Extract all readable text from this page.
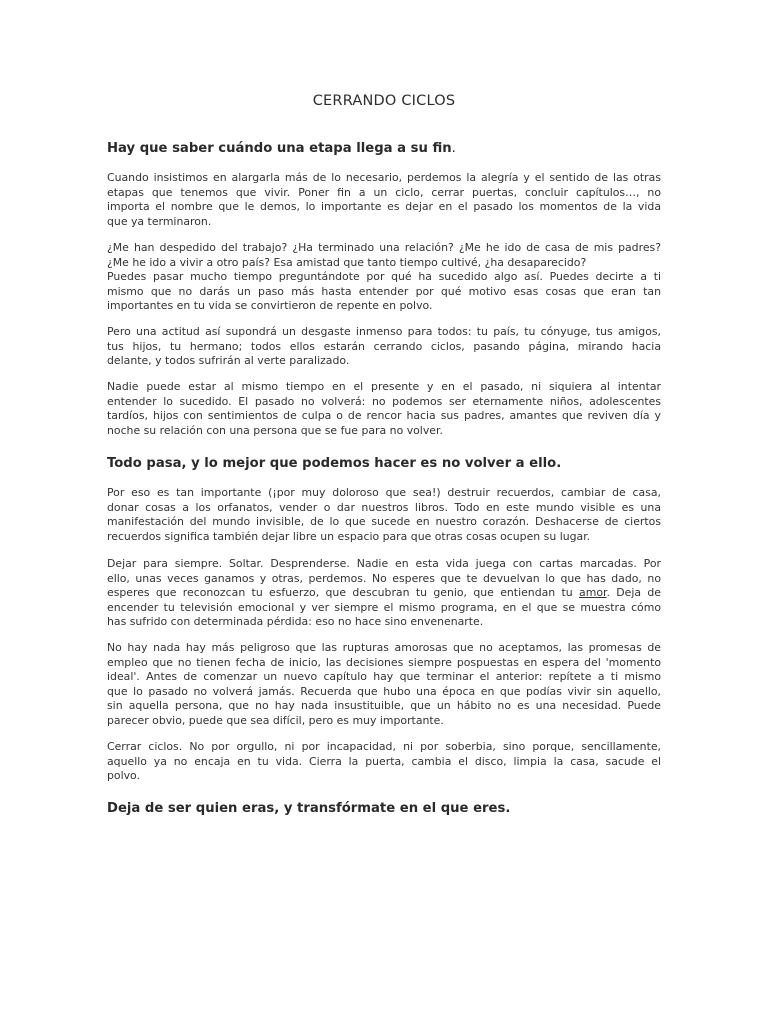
CERRANDO CICLOS
Hay que saber cuándo una etapa llega a su fin.
Cuando insistimos en alargarla más de lo necesario, perdemos la alegría y el sentido de las otras
etapas que tenemos que vivir. Poner fin a un ciclo, cerrar puertas, concluir capítulos…, no
importa el nombre que le demos, lo importante es dejar en el pasado los momentos de la vida
que ya terminaron.
¿Me han despedido del trabajo? ¿Ha terminado una relación? ¿Me he ido de casa de mis padres?
¿Me he ido a vivir a otro país? Esa amistad que tanto tiempo cultivé, ¿ha desaparecido?
Puedes pasar mucho tiempo preguntándote por qué ha sucedido algo así. Puedes decirte a ti
mismo que no darás un paso más hasta entender por qué motivo esas cosas que eran tan
importantes en tu vida se convirtieron de repente en polvo.
Pero una actitud así supondrá un desgaste inmenso para todos: tu país, tu cónyuge, tus amigos,
tus hijos, tu hermano; todos ellos estarán cerrando ciclos, pasando página, mirando hacia
delante, y todos sufrirán al verte paralizado.
Nadie puede estar al mismo tiempo en el presente y en el pasado, ni siquiera al intentar
entender lo sucedido. El pasado no volverá: no podemos ser eternamente niños, adolescentes
tardíos, hijos con sentimientos de culpa o de rencor hacia sus padres, amantes que reviven día y
noche su relación con una persona que se fue para no volver.
Todo pasa, y lo mejor que podemos hacer es no volver a ello.
Por eso es tan importante (¡por muy doloroso que sea!) destruir recuerdos, cambiar de casa,
donar cosas a los orfanatos, vender o dar nuestros libros. Todo en este mundo visible es una
manifestación del mundo invisible, de lo que sucede en nuestro corazón. Deshacerse de ciertos
recuerdos significa también dejar libre un espacio para que otras cosas ocupen su lugar.
Dejar para siempre. Soltar. Desprenderse. Nadie en esta vida juega con cartas marcadas. Por
ello, unas veces ganamos y otras, perdemos. No esperes que te devuelvan lo que has dado, no
esperes que reconozcan tu esfuerzo, que descubran tu genio, que entiendan tu amor. Deja de
encender tu televisión emocional y ver siempre el mismo programa, en el que se muestra cómo
has sufrido con determinada pérdida: eso no hace sino envenenarte.
No hay nada hay más peligroso que las rupturas amorosas que no aceptamos, las promesas de
empleo que no tienen fecha de inicio, las decisiones siempre pospuestas en espera del 'momento
ideal'. Antes de comenzar un nuevo capítulo hay que terminar el anterior: repítete a ti mismo
que lo pasado no volverá jamás. Recuerda que hubo una época en que podías vivir sin aquello,
sin aquella persona, que no hay nada insustituible, que un hábito no es una necesidad. Puede
parecer obvio, puede que sea difícil, pero es muy importante.
Cerrar ciclos. No por orgullo, ni por incapacidad, ni por soberbia, sino porque, sencillamente,
aquello ya no encaja en tu vida. Cierra la puerta, cambia el disco, limpia la casa, sacude el
polvo.
Deja de ser quien eras, y transfórmate en el que eres.
